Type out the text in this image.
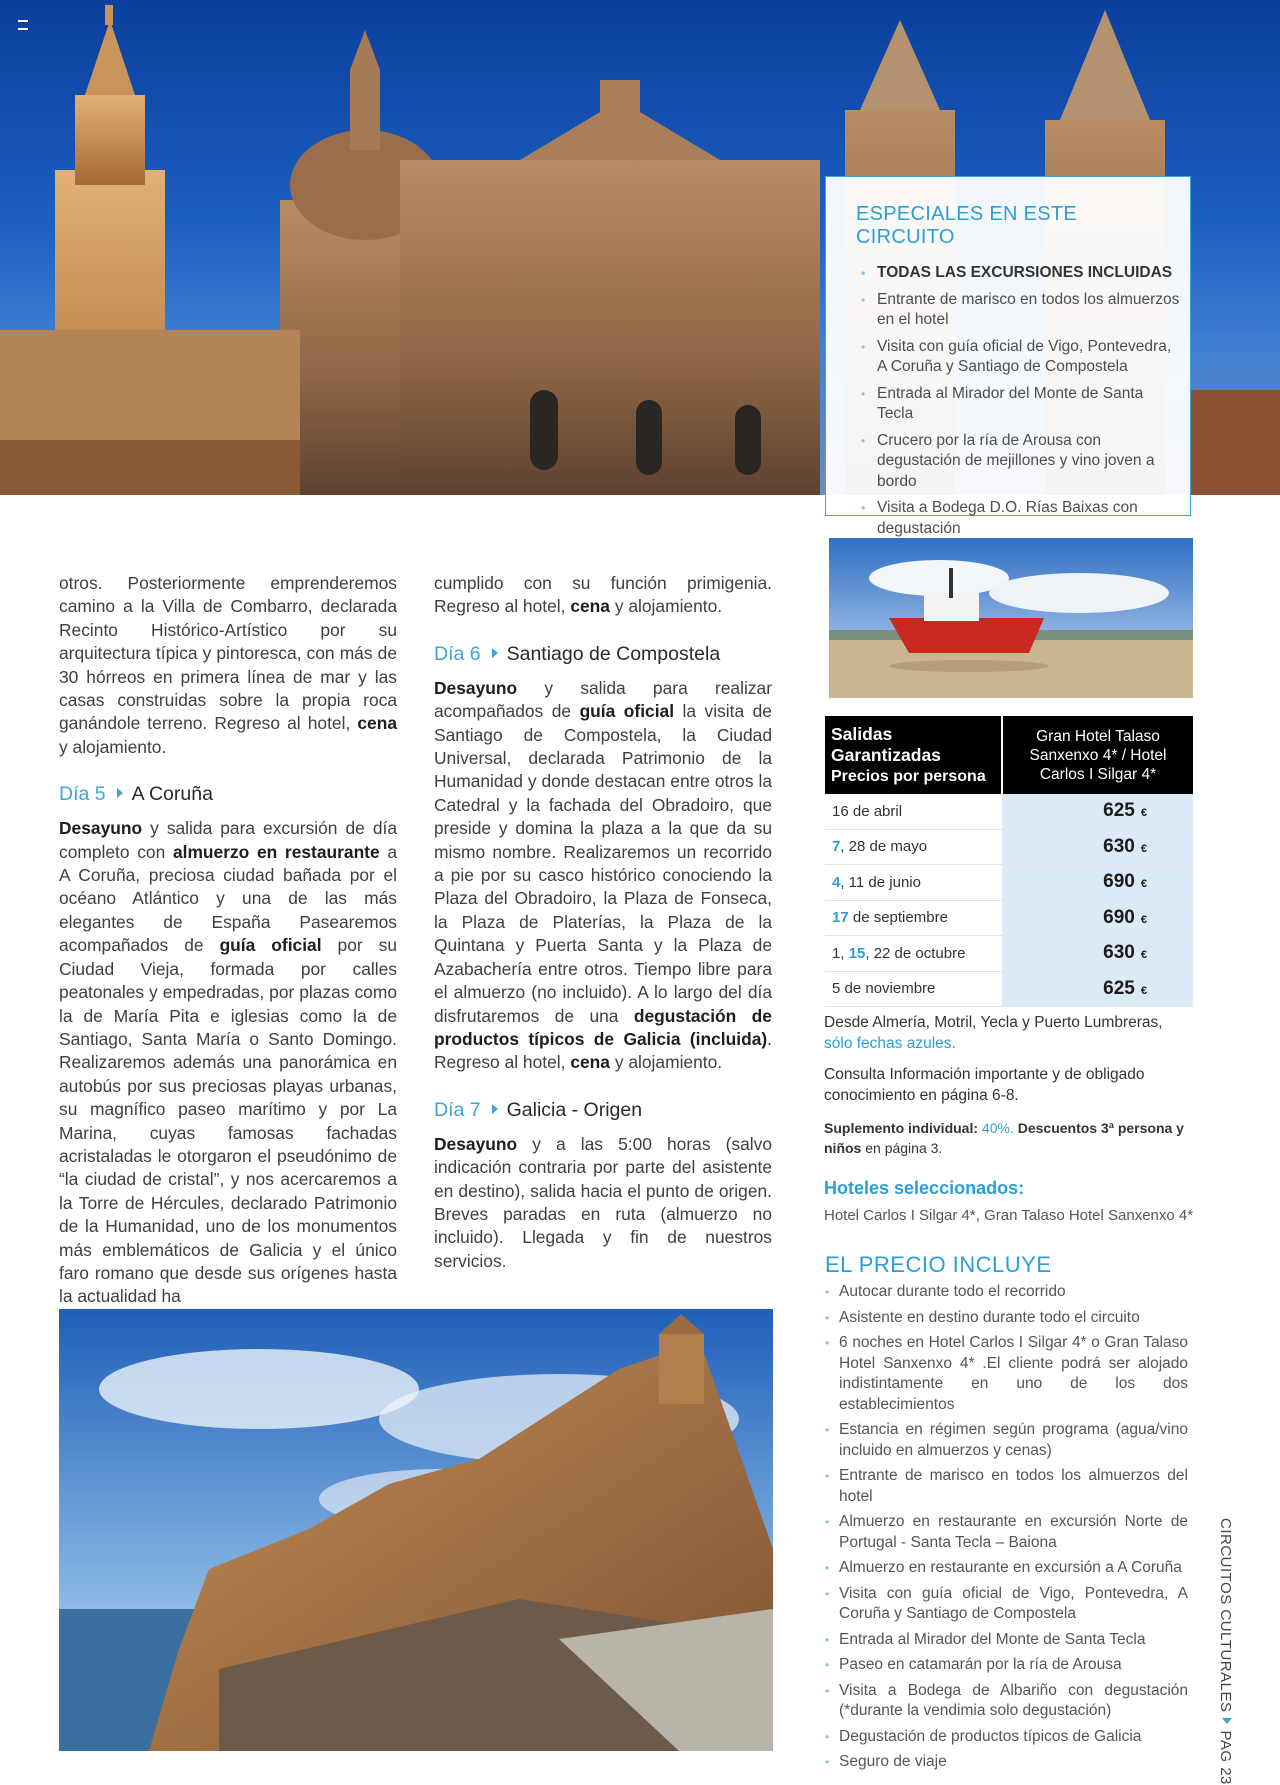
ESPECIALES EN ESTE CIRCUITO
• TODAS LAS EXCURSIONES INCLUIDAS
• Entrante de marisco en todos los almuerzos en el hotel
• Visita con guía oficial de Vigo, Pontevedra, A Coruña y Santiago de Compostela
• Entrada al Mirador del Monte de Santa Tecla
• Crucero por la ría de Arousa con degustación de mejillones y vino joven a bordo
• Visita a Bodega D.O. Rías Baixas con degustación
•

otros. Posteriormente emprenderemos camino a la Villa de Combarro, declarada Recinto Histórico-Artístico por su arquitectura típica y pintoresca, con más de 30 hórreos en primera línea de mar y las casas construidas sobre la propia roca ganándole terreno. Regreso al hotel, cena y alojamiento.

Día 5 A Coruña

Desayuno y salida para excursión de día completo con almuerzo en restaurante a A Coruña, preciosa ciudad bañada por el océano Atlántico y una de las más elegantes de España Pasearemos acompañados de guía oficial por su Ciudad Vieja, formada por calles peatonales y empedradas, por plazas como la de María Pita e iglesias como la de Santiago, Santa María o Santo Domingo. Realizaremos además una panorámica en autobús por sus preciosas playas urbanas, su magnífico paseo marítimo y por La Marina, cuyas famosas fachadas acristaladas le otorgaron el pseudónimo de “la ciudad de cristal”, y nos acercaremos a la Torre de Hércules, declarado Patrimonio de la Humanidad, uno de los monumentos más emblemáticos de Galicia y el único faro romano que desde sus orígenes hasta la actualidad ha

cumplido con su función primigenia. Regreso al hotel, cena y alojamiento.

Día 6 Santiago de Compostela

Desayuno y salida para realizar acompañados de guía oficial la visita de Santiago de Compostela, la Ciudad Universal, declarada Patrimonio de la Humanidad y donde destacan entre otros la Catedral y la fachada del Obradoiro, que preside y domina la plaza a la que da su mismo nombre. Realizaremos un recorrido a pie por su casco histórico conociendo la Plaza del Obradoiro, la Plaza de Fonseca, la Plaza de Platerías, la Plaza de la Quintana y Puerta Santa y la Plaza de Azabachería entre otros. Tiempo libre para el almuerzo (no incluido). A lo largo del día disfrutaremos de una degustación de productos típicos de Galicia (incluida). Regreso al hotel, cena y alojamiento.

Día 7 Galicia - Origen

Desayuno y a las 5:00 horas (salvo indicación contraria por parte del asistente en destino), salida hacia el punto de origen. Breves paradas en ruta (almuerzo no incluido). Llegada y fin de nuestros servicios.

Salidas Garantizadas
Precios por persona	Gran Hotel Talaso Sanxenxo 4* / Hotel Carlos I Silgar 4*
16 de abril	625 €
7, 28 de mayo	630 €
4, 11 de junio	690 €
17 de septiembre	690 €
1, 15, 22 de octubre	630 €
5 de noviembre	625 €
Desde Almería, Motril, Yecla y Puerto Lumbreras, sólo fechas azules.
Consulta Información importante y de obligado conocimiento en página 6-8.
Suplemento individual: 40%. Descuentos 3ª persona y niños en página 3.
Hoteles seleccionados:
Hotel Carlos I Silgar 4*, Gran Talaso Hotel Sanxenxo 4*
EL PRECIO INCLUYE
• Autocar durante todo el recorrido
• Asistente en destino durante todo el circuito
• 6 noches en Hotel Carlos I Silgar 4* o Gran Talaso Hotel Sanxenxo 4* .El cliente podrá ser alojado indistintamente en uno de los dos establecimientos
• Estancia en régimen según programa (agua/vino incluido en almuerzos y cenas)
• Entrante de marisco en todos los almuerzos del hotel
• Almuerzo en restaurante en excursión Norte de Portugal - Santa Tecla – Baiona
• Almuerzo en restaurante en excursión a A Coruña
• Visita con guía oficial de Vigo, Pontevedra, A Coruña y Santiago de Compostela
• Entrada al Mirador del Monte de Santa Tecla
• Paseo en catamarán por la ría de Arousa
• Visita a Bodega de Albariño con degustación (*durante la vendimia solo degustación)
• Degustación de productos típicos de Galicia
• Seguro de viaje
CIRCUITOS CULTURALESPAG 23
